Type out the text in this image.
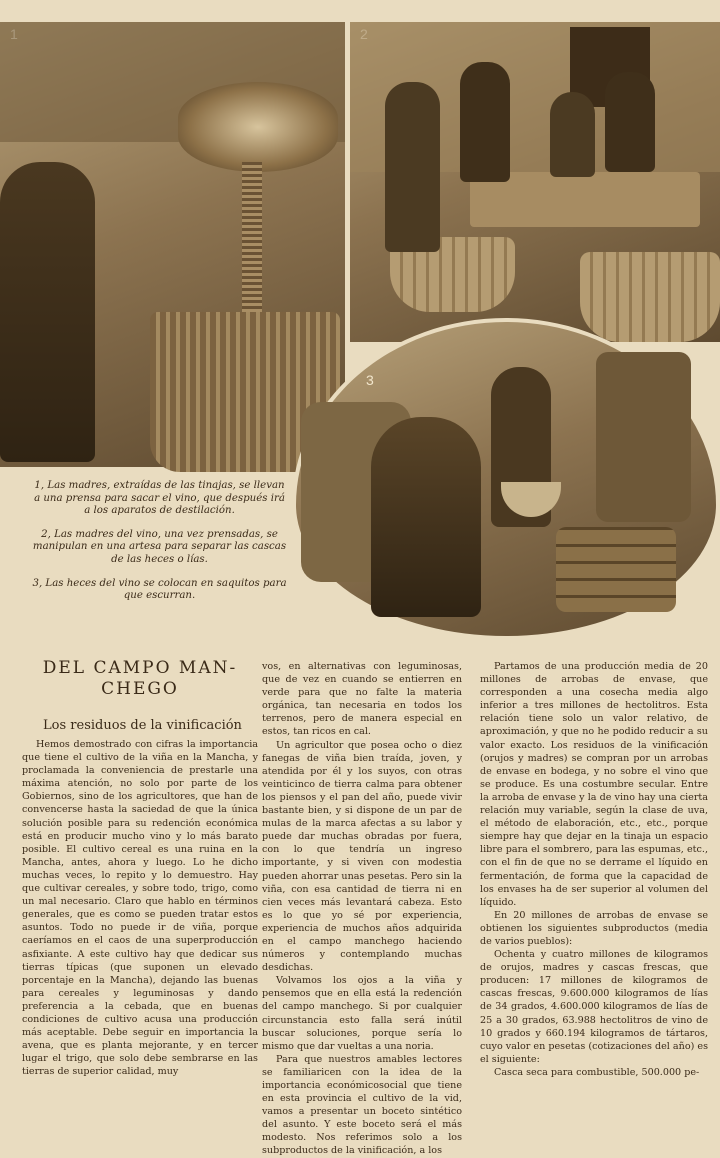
3

1, Las madres, extraídas de las tinajas, se llevan a una prensa para sacar el vino, que después irá a los aparatos de destilación.

2, Las madres del vino, una vez prensadas, se manipulan en una artesa para separar las cascas de las heces o lías.

3, Las heces del vino se colocan en saquitos para que escurran.

DEL CAMPO MAN-
CHEGO
Los residuos de la vinificación

Hemos demostrado con cifras la importancia que tiene el cultivo de la viña en la Mancha, y proclamada la conveniencia de prestarle una máxima atención, no solo por parte de los Gobiernos, sino de los agricultores, que han de convencerse hasta la saciedad de que la única solución posible para su redención económica está en producir mucho vino y lo más barato posible. El cultivo cereal es una ruina en la Mancha, antes, ahora y luego. Lo he dicho muchas veces, lo repito y lo demuestro. Hay que cultivar cereales, y sobre todo, trigo, como un mal necesario. Claro que hablo en términos generales, que es como se pueden tratar estos asuntos. Todo no puede ir de viña, porque caeríamos en el caos de una superproducción asfixiante. A este cultivo hay que dedicar sus tierras típicas (que suponen un elevado porcentaje en la Mancha), dejando las buenas para cereales y leguminosas y dando preferencia a la cebada, que en buenas condiciones de cultivo acusa una producción más aceptable. Debe seguir en importancia la avena, que es planta mejorante, y en tercer lugar el trigo, que solo debe sembrarse en las tierras de superior calidad, muy

vos, en alternativas con leguminosas, que de vez en cuando se entierren en verde para que no falte la materia orgánica, tan necesaria en todos los terrenos, pero de manera especial en estos, tan ricos en cal.

Un agricultor que posea ocho o diez fanegas de viña bien traída, joven, y atendida por él y los suyos, con otras veinticinco de tierra calma para obtener los piensos y el pan del año, puede vivir bastante bien, y si dispone de un par de mulas de la marca afectas a su labor y puede dar muchas obradas por fuera, con lo que tendría un ingreso importante, y si viven con modestia pueden ahorrar unas pesetas. Pero sin la viña, con esa cantidad de tierra ni en cien veces más levantará cabeza. Esto es lo que yo sé por experiencia, experiencia de muchos años adquirida en el campo manchego haciendo números y contemplando muchas desdichas.

Volvamos los ojos a la viña y pensemos que en ella está la redención del campo manchego. Si por cualquier circunstancia esto falla será inútil buscar soluciones, porque sería lo mismo que dar vueltas a una noria.

Para que nuestros amables lectores se familiaricen con la idea de la importancia económicosocial que tiene en esta provincia el cultivo de la vid, vamos a presentar un boceto sintético del asunto. Y este boceto será el más modesto. Nos referimos solo a los subproductos de la vinificación, a los

Partamos de una producción media de 20 millones de arrobas de envase, que corresponden a una cosecha media algo inferior a tres millones de hectolitros. Esta relación tiene solo un valor relativo, de aproximación, y que no he podido reducir a su valor exacto. Los residuos de la vinificación (orujos y madres) se compran por un arrobas de envase en bodega, y no sobre el vino que se produce. Es una costumbre secular. Entre la arroba de envase y la de vino hay una cierta relación muy variable, según la clase de uva, el método de elaboración, etc., etc., porque siempre hay que dejar en la tinaja un espacio libre para el sombrero, para las espumas, etc., con el fin de que no se derrame el líquido en fermentación, de forma que la capacidad de los envases ha de ser superior al volumen del líquido.

En 20 millones de arrobas de envase se obtienen los siguientes subproductos (media de varios pueblos):

Ochenta y cuatro millones de kilogramos de orujos, madres y cascas frescas, que producen: 17 millones de kilogramos de cascas frescas, 9.600.000 kilogramos de lías de 34 grados, 4.600.000 kilogramos de lías de 25 a 30 grados, 63.988 hectolitros de vino de 10 grados y 660.194 kilogramos de tártaros, cuyo valor en pesetas (cotizaciones del año) es el siguiente:

Casca seca para combustible, 500.000 pe-
